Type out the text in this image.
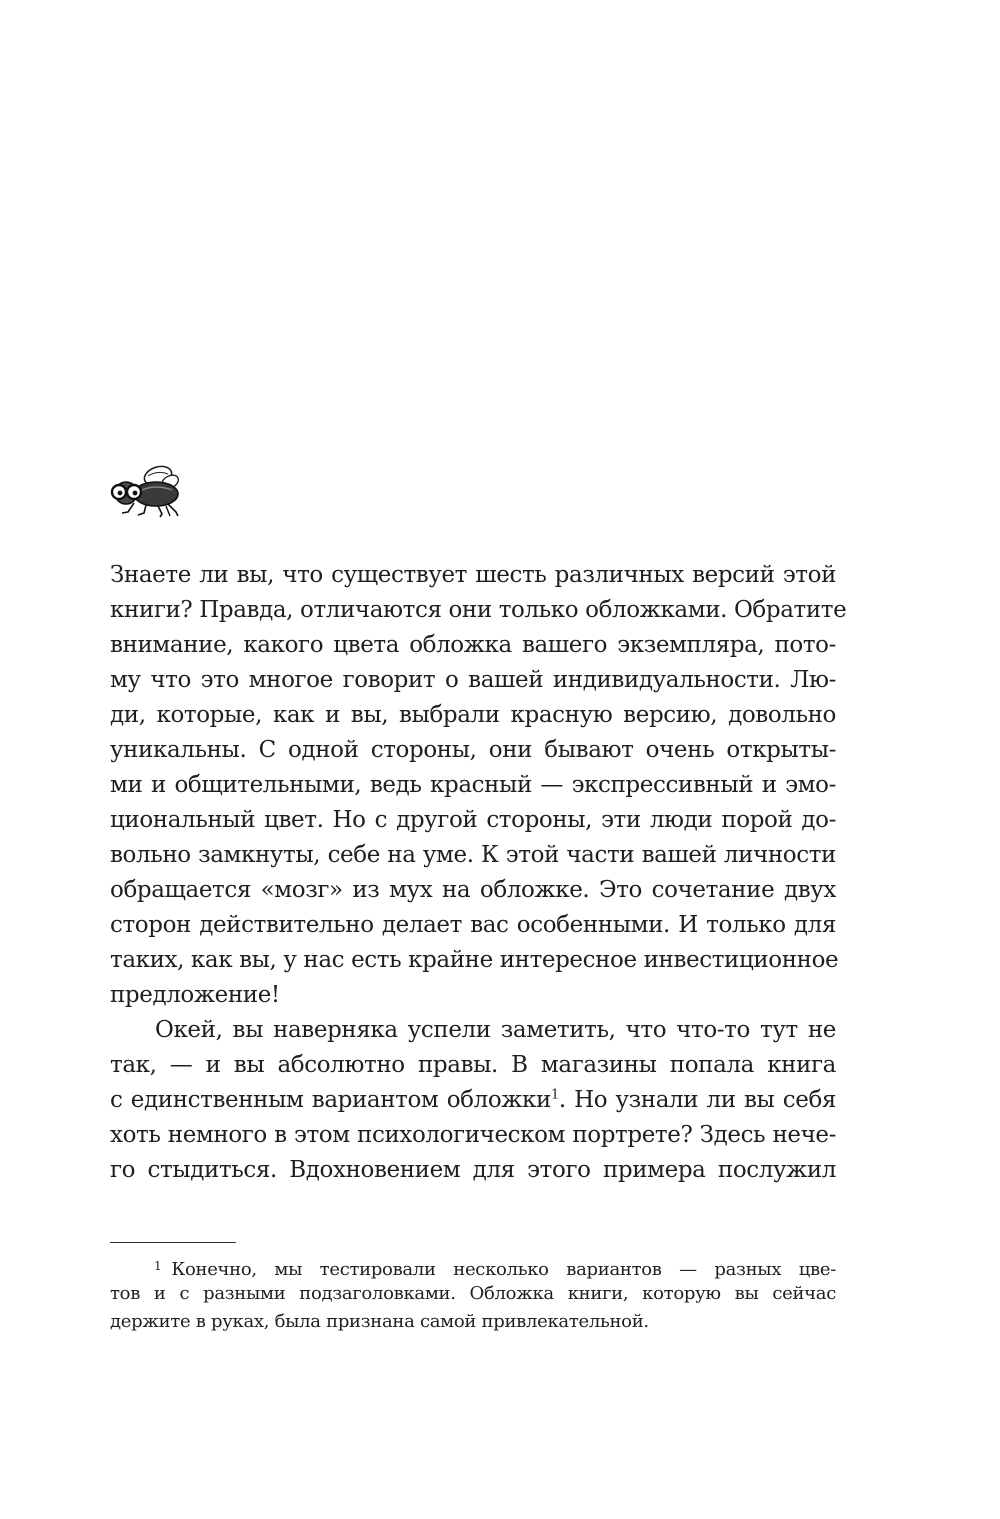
Знаете ли вы, что существует шесть различных версий этой
книги? Правда, отличаются они только обложками. Обратите
внимание, какого цвета обложка вашего экземпляра, пото-
му что это многое говорит о вашей индивидуальности. Лю-
ди, которые, как и вы, выбрали красную версию, довольно
уникальны. С одной стороны, они бывают очень открыты-
ми и общительными, ведь красный — экспрессивный и эмо-
циональный цвет. Но с другой стороны, эти люди порой до-
вольно замкнуты, себе на уме. К этой части вашей личности
обращается «мозг» из мух на обложке. Это сочетание двух
сторон действительно делает вас особенными. И только для
таких, как вы, у нас есть крайне интересное инвестиционное
предложение!
Окей, вы наверняка успели заметить, что что-то тут не
так, — и вы абсолютно правы. В магазины попала книга
с единственным вариантом обложки$^1$. Но узнали ли вы себя
хоть немного в этом психологическом портрете? Здесь нече-
го стыдиться. Вдохновением для этого примера послужил
$^1$ Конечно, мы тестировали несколько вариантов — разных цве-
тов и с разными подзаголовками. Обложка книги, которую вы сейчас
держите в руках, была признана самой привлекательной.
